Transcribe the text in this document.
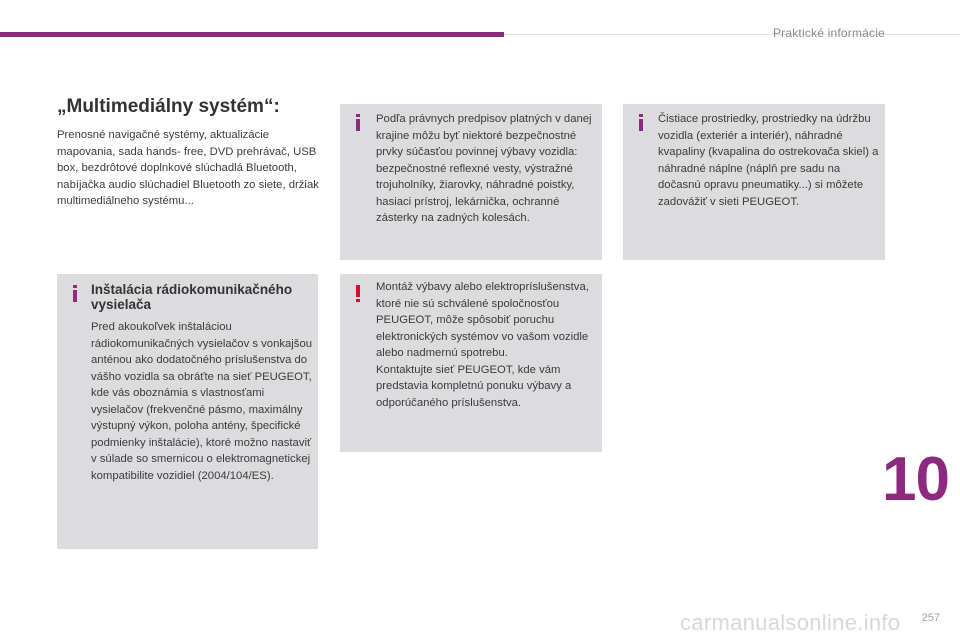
Praktické informácie
„Multimediálny systém“:

Prenosné navigačné systémy, aktualizácie mapovania, sada hands- free, DVD prehrávač, USB box, bezdrôtové doplnkové slúchadlá Bluetooth, nabíjačka audio slúchadiel Bluetooth zo siete, držiak multimediálneho systému...

Podľa právnych predpisov platných v danej krajine môžu byť niektoré bezpečnostné prvky súčasťou povinnej výbavy vozidla: bezpečnostné reflexné vesty, výstražné trojuholníky, žiarovky, náhradné poistky, hasiaci prístroj, lekárnička, ochranné zásterky na zadných kolesách.

Čistiace prostriedky, prostriedky na údržbu vozidla (exteriér a interiér), náhradné kvapaliny (kvapalina do ostrekovača skiel) a náhradné náplne (náplň pre sadu na dočasnú opravu pneumatiky...) si môžete zadovážiť v sieti PEUGEOT.

Inštalácia rádiokomunikačného vysielača

Pred akoukoľvek inštaláciou rádiokomunikačných vysielačov s vonkajšou anténou ako dodatočného príslušenstva do vášho vozidla sa obráťte na sieť PEUGEOT, kde vás oboznámia s vlastnosťami vysielačov (frekvenčné pásmo, maximálny výstupný výkon, poloha antény, špecifické podmienky inštalácie), ktoré možno nastaviť v súlade so smernicou o elektromagnetickej kompatibilite vozidiel (2004/104/ES).

Montáž výbavy alebo elektropríslušenstva, ktoré nie sú schválené spoločnosťou PEUGEOT, môže spôsobiť poruchu elektronických systémov vo vašom vozidle alebo nadmernú spotrebu.
Kontaktujte sieť PEUGEOT, kde vám predstavia kompletnú ponuku výbavy a odporúčaného príslušenstva.

10
257
carmanualsonline.info
